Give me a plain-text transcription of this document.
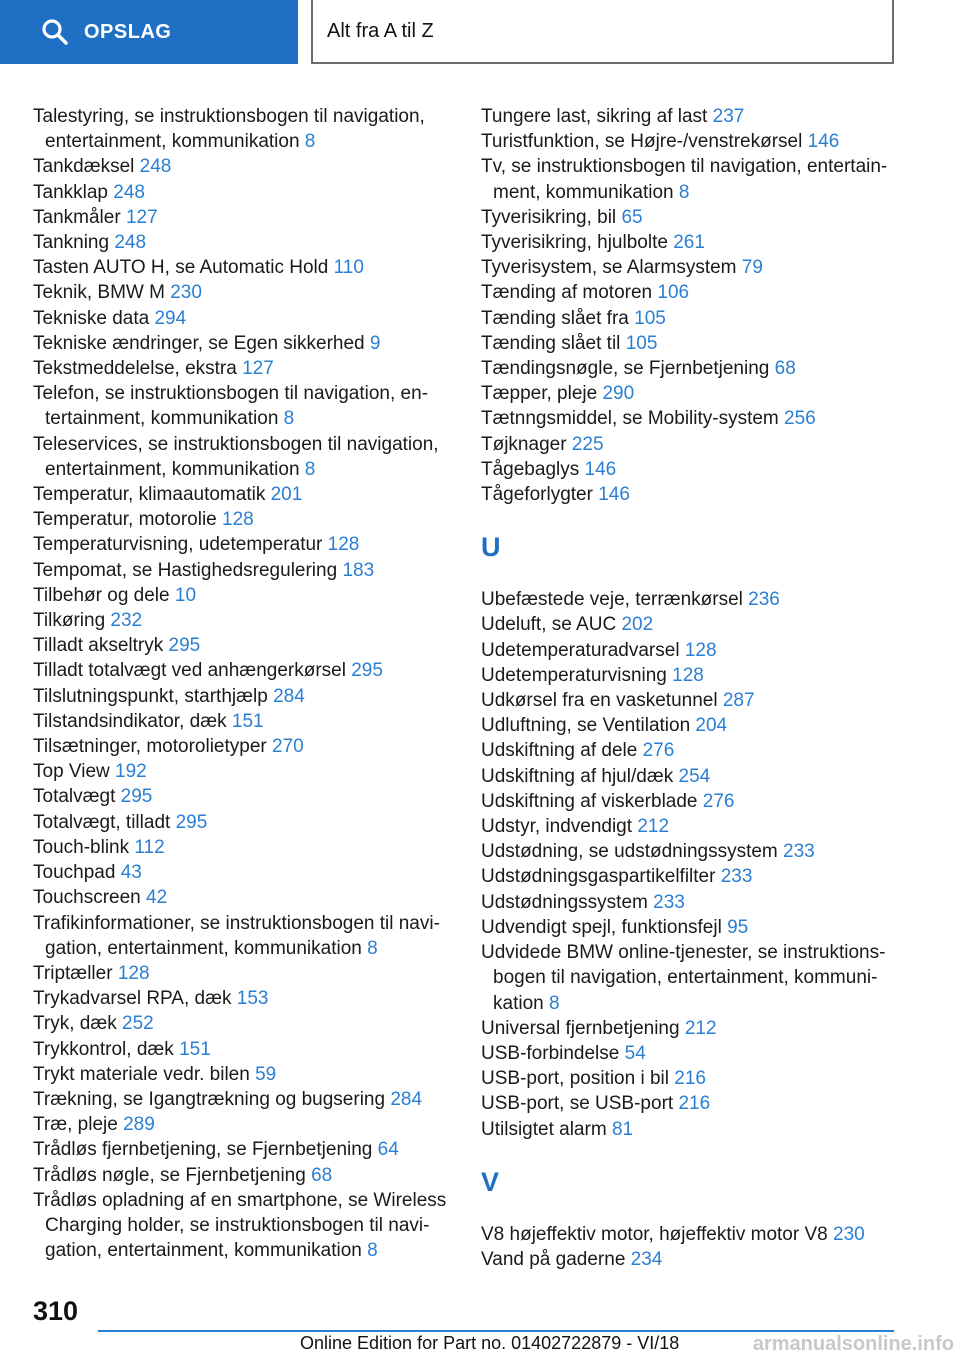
OPSLAG	Alt fra A til Z
Talestyring, se instruktionsbogen til navigation, entertainment, kommunikation 8
Tankdæksel 248
Tankklap 248
Tankmåler 127
Tankning 248
Tasten AUTO H, se Automatic Hold 110
Teknik, BMW M 230
Tekniske data 294
Tekniske ændringer, se Egen sikkerhed 9
Tekstmeddelelse, ekstra 127
Telefon, se instruktionsbogen til navigation, en-tertainment, kommunikation 8
Teleservices, se instruktionsbogen til navigation, entertainment, kommunikation 8
Temperatur, klimaautomatik 201
Temperatur, motorolie 128
Temperaturvisning, udetemperatur 128
Tempomat, se Hastighedsregulering 183
Tilbehør og dele 10
Tilkøring 232
Tilladt akseltryk 295
Tilladt totalvægt ved anhængerkørsel 295
Tilslutningspunkt, starthjælp 284
Tilstandsindikator, dæk 151
Tilsætninger, motorolietyper 270
Top View 192
Totalvægt 295
Totalvægt, tilladt 295
Touch-blink 112
Touchpad 43
Touchscreen 42
Trafikinformationer, se instruktionsbogen til navi-gation, entertainment, kommunikation 8
Triptæller 128
Trykadvarsel RPA, dæk 153
Tryk, dæk 252
Trykkontrol, dæk 151
Trykt materiale vedr. bilen 59
Trækning, se Igangtrækning og bugsering 284
Træ, pleje 289
Trådløs fjernbetjening, se Fjernbetjening 64
Trådløs nøgle, se Fjernbetjening 68
Trådløs opladning af en smartphone, se Wireless Charging holder, se instruktionsbogen til navi-gation, entertainment, kommunikation 8
Tungere last, sikring af last 237
Turistfunktion, se Højre-/venstrekørsel 146
Tv, se instruktionsbogen til navigation, entertain-ment, kommunikation 8
Tyverisikring, bil 65
Tyverisikring, hjulbolte 261
Tyverisystem, se Alarmsystem 79
Tænding af motoren 106
Tænding slået fra 105
Tænding slået til 105
Tændingsnøgle, se Fjernbetjening 68
Tæpper, pleje 290
Tætnngsmiddel, se Mobility-system 256
Tøjknager 225
Tågebaglys 146
Tågeforlygter 146
U
Ubefæstede veje, terrænkørsel 236
Udeluft, se AUC 202
Udetemperaturadvarsel 128
Udetemperaturvisning 128
Udkørsel fra en vasketunnel 287
Udluftning, se Ventilation 204
Udskiftning af dele 276
Udskiftning af hjul/dæk 254
Udskiftning af viskerblade 276
Udstyr, indvendigt 212
Udstødning, se udstødningssystem 233
Udstødningsgaspartikelfilter 233
Udstødningssystem 233
Udvendigt spejl, funktionsfejl 95
Udvidede BMW online-tjenester, se instruktions-bogen til navigation, entertainment, kommuni-kation 8
Universal fjernbetjening 212
USB-forbindelse 54
USB-port, position i bil 216
USB-port, se USB-port 216
Utilsigtet alarm 81
V
V8 højeffektiv motor, højeffektiv motor V8 230
Vand på gaderne 234
310
Online Edition for Part no. 01402722879 - VI/18	armanualsonline.info
